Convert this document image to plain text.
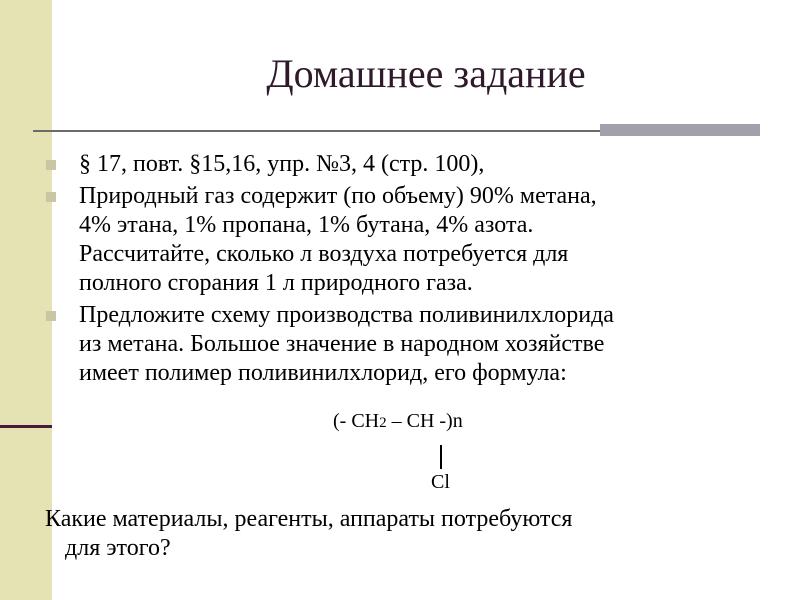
Домашнее задание
§ 17, повт. §15,16, упр. №3, 4 (стр. 100),
Природный газ содержит (по объему) 90% метана,
4% этана, 1% пропана, 1% бутана, 4% азота.
Рассчитайте, сколько л воздуха потребуется для
полного сгорания 1 л природного газа.
Предложите схему производства поливинилхлорида
из метана. Большое значение в народном хозяйстве
имеет полимер поливинилхлорид, его формула:
(- CH2 – CH -)n
Cl
Какие материалы, реагенты, аппараты потребуются
для этого?
